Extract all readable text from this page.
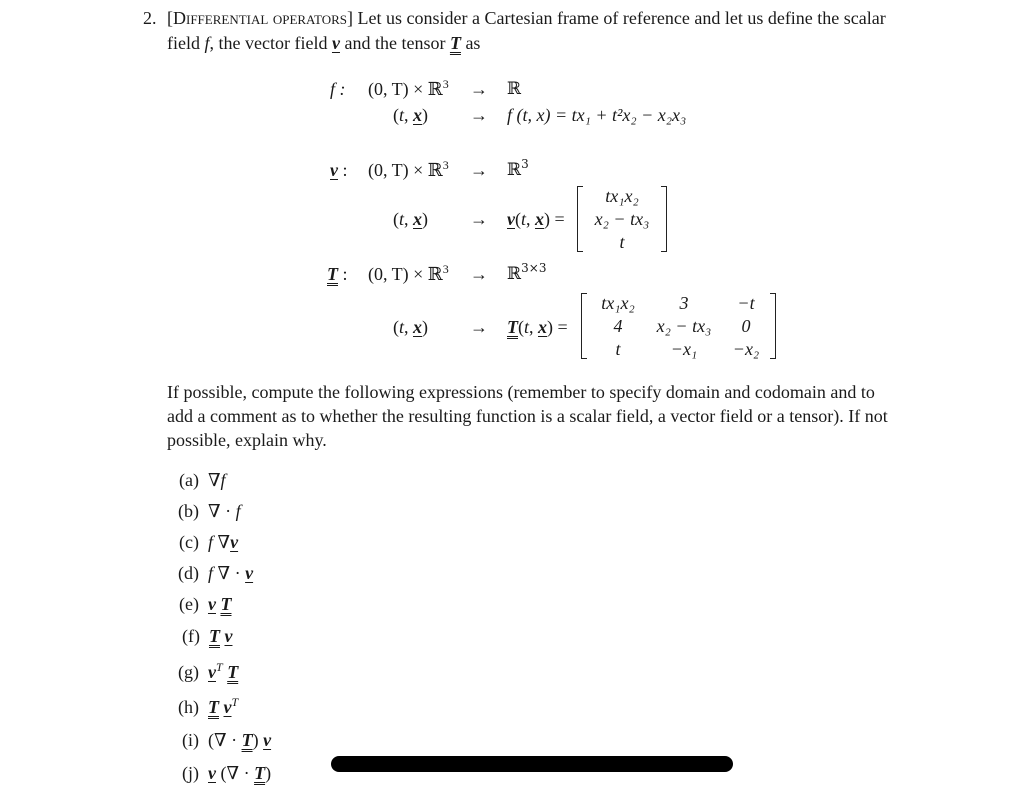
2. [Differential operators] Let us consider a Cartesian frame of reference and let us define the scalar
field f, the vector field v and the tensor T as
f : (0, T) × ℝ$^3$ → ℝ
(t, x) → f (t, x) = tx₁ + t²x₂ − x₂x₃
v : (0, T) × ℝ$^3$ → ℝ$^3$
(t, x) → v(t, x) =
tx₁x₂
x₂ − tx₃
t
T : (0, T) × ℝ$^3$ → ℝ$^{3\times 3}$
(t, x) → T(t, x) =
tx₁x₂	3	−t
4	x₂ − tx₃	0
t	−x₁	−x₂
If possible, compute the following expressions (remember to specify domain and codomain and to
add a comment as to whether the resulting function is a scalar field, a vector field or a tensor). If not
possible, explain why.
(a) ∇f
(b)  ∇ · f
(c) f ∇v
(d) f ∇ · v
(e) v T
(f) T v
(g) $v^T$ T
(h) T $v^T$
(i)  (∇ · T) v
(j) v (∇ · T)
